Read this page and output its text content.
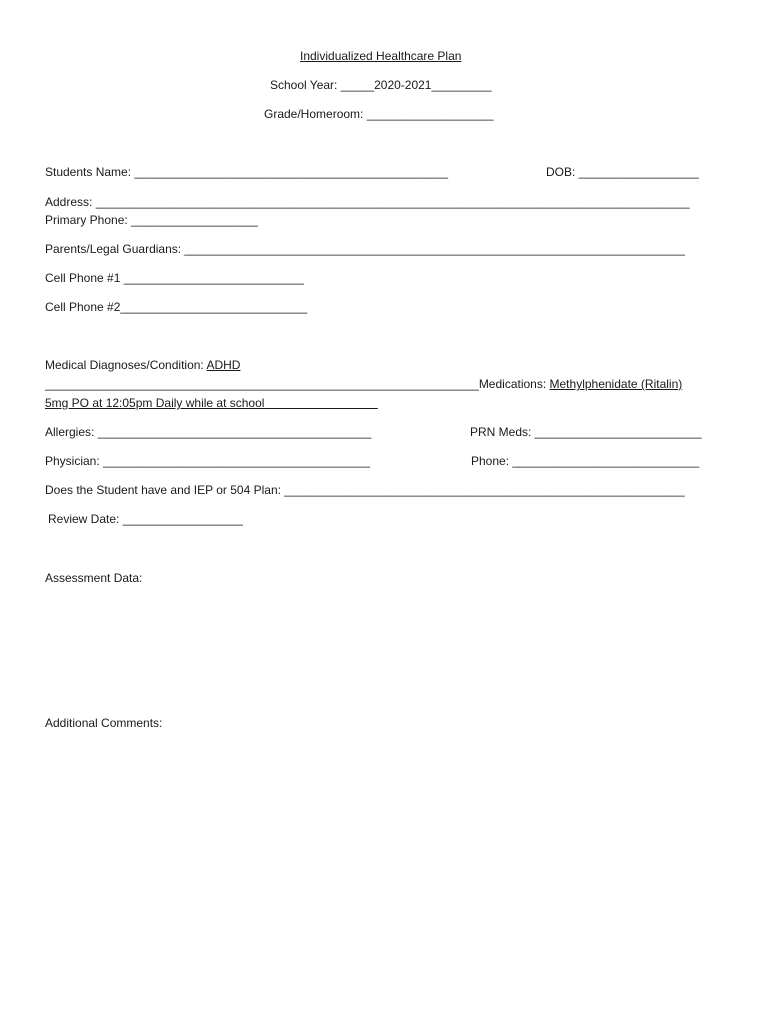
Individualized Healthcare Plan

School Year: _____2020-2021_________

Grade/Homeroom: ___________________

Students Name: _______________________________________________	DOB: __________________

Address: _________________________________________________________________________________________

Primary Phone: ___________________

Parents/Legal Guardians: ___________________________________________________________________________

Cell Phone #1 ___________________________

Cell Phone #2____________________________

Medical Diagnoses/Condition: ADHD

_________________________________________________________________Medications: Methylphenidate (Ritalin)

5mg PO at 12:05pm Daily while at school

Allergies: _________________________________________	PRN Meds: _________________________

Physician: ________________________________________	Phone: ____________________________

Does the Student have and IEP or 504 Plan: ____________________________________________________________

Review Date: __________________

Assessment Data:

Additional Comments:
